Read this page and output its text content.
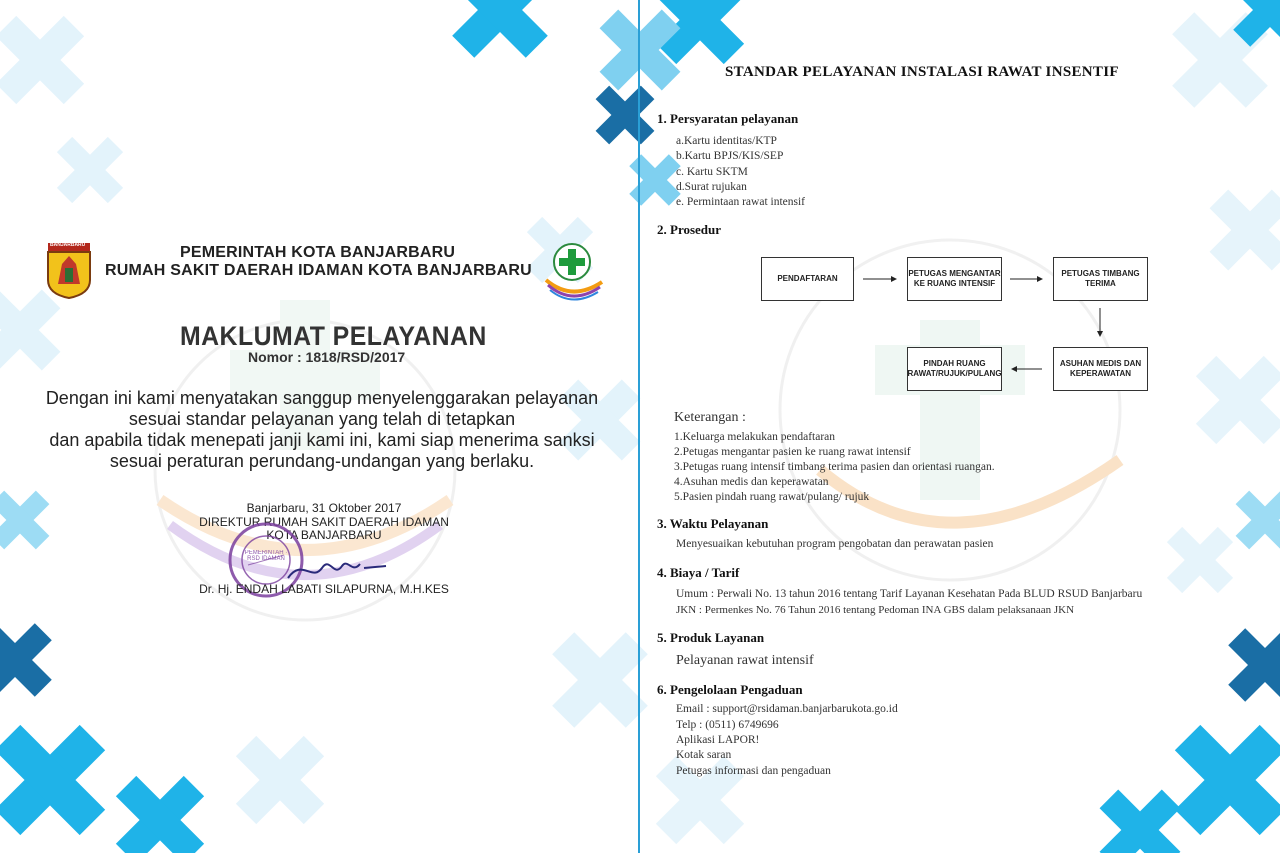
BANJARBARU	PEMERINTAH KOTA BANJARBARU
RUMAH SAKIT DAERAH IDAMAN KOTA BANJARBARU
MAKLUMAT PELAYANAN
Nomor : 1818/RSD/2017
Dengan ini kami menyatakan sanggup menyelenggarakan pelayanan
sesuai standar pelayanan yang telah di tetapkan
dan apabila tidak menepati janji kami ini, kami siap menerima sanksi
sesuai peraturan perundang-undangan yang berlaku.
Banjarbaru, 31 Oktober 2017
DIREKTUR RUMAH SAKIT DAERAH IDAMAN
KOTA BANJARBARU
PEMERINTAH · RSD IDAMAN
Dr. Hj. ENDAH LABATI SILAPURNA, M.H.KES
STANDAR PELAYANAN INSTALASI RAWAT INSENTIF
1. Persyaratan pelayanan
a.Kartu identitas/KTP
b.Kartu BPJS/KIS/SEP
c. Kartu SKTM
d.Surat rujukan
e. Permintaan rawat intensif
2. Prosedur
PENDAFTARAN
PETUGAS MENGANTAR KE RUANG INTENSIF
PETUGAS TIMBANG TERIMA
ASUHAN MEDIS DAN KEPERAWATAN
PINDAH RUANG RAWAT/RUJUK/PULANG
Keterangan :
1.Keluarga melakukan pendaftaran
2.Petugas mengantar pasien ke ruang rawat intensif
3.Petugas ruang intensif timbang terima pasien dan orientasi ruangan.
4.Asuhan medis dan keperawatan
5.Pasien pindah ruang rawat/pulang/ rujuk
3. Waktu Pelayanan
Menyesuaikan kebutuhan program pengobatan dan perawatan pasien
4. Biaya / Tarif
Umum : Perwali No. 13 tahun 2016 tentang Tarif Layanan Kesehatan Pada BLUD RSUD Banjarbaru
JKN : Permenkes No. 76 Tahun 2016 tentang Pedoman INA GBS dalam pelaksanaan JKN
5. Produk Layanan
Pelayanan rawat intensif
6. Pengelolaan Pengaduan
Email : support@rsidaman.banjarbarukota.go.id
Telp : (0511) 6749696
Aplikasi LAPOR!
Kotak saran
Petugas informasi dan pengaduan
